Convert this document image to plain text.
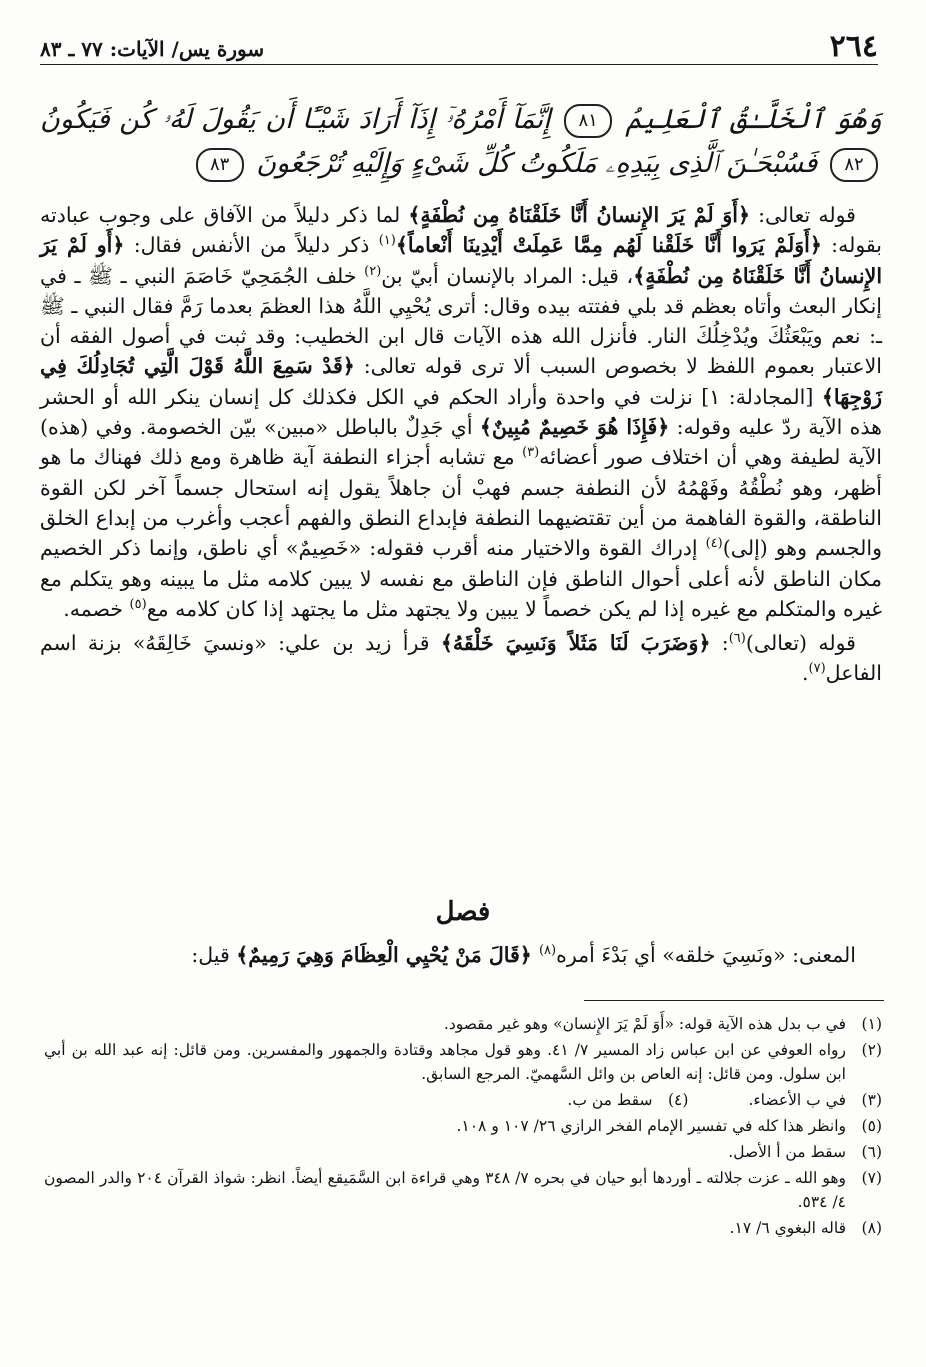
٢٦٤
سورة يس/ الآيات: ٧٧ ـ ٨٣
وَهُوَ ٱلْخَلَّـٰقُ ٱلْعَلِيمُ ٨١ إِنَّمَآ أَمْرُهُۥٓ إِذَآ أَرَادَ شَيْـًٔا أَن يَقُولَ لَهُۥ كُن فَيَكُونُ ٨٢ فَسُبْحَـٰنَ ٱلَّذِى بِيَدِهِۦ مَلَكُوتُ كُلِّ شَىْءٍ وَإِلَيْهِ تُرْجَعُونَ ٨٣

قوله تعالى: ﴿أَوَ لَمْ يَرَ الإِنسانُ أَنَّا خَلَقْنَاهُ مِن نُطْفَةٍ﴾ لما ذكر دليلاً من الآفاق على وجوب عبادته بقوله: ﴿أَوَلَمْ يَرَوا أَنَّا خَلَقْنا لَهُم مِمَّا عَمِلَتْ أَيْدِينَا أَنْعاماً﴾$^{(١)}$ ذكر دليلاً من الأنفس فقال: ﴿أَو لَمْ يَرَ الإِنسانُ أَنَّا خَلَقْنَاهُ مِن نُطْفَةٍ﴾، قيل: المراد بالإنسان أبيّ بن$^{(٢)}$ خلف الجُمَحِيّ خَاصَمَ النبي ـ ﷺ ـ في إنكار البعث وأتاه بعظم قد بلي ففتته بيده وقال: أترى يُحْيِي اللَّهُ هذا العظمَ بعدما رَمَّ فقال النبي ـ ﷺ ـ: نعم ويَبْعَثُكَ ويُدْخِلُكَ النار. فأنزل الله هذه الآيات قال ابن الخطيب: وقد ثبت في أصول الفقه أن الاعتبار بعموم اللفظ لا بخصوص السبب ألا ترى قوله تعالى: ﴿قَدْ سَمِعَ اللَّهُ قَوْلَ الَّتِي تُجَادِلُكَ فِي زَوْجِهَا﴾ [المجادلة: ١] نزلت في واحدة وأراد الحكم في الكل فكذلك كل إنسان ينكر الله أو الحشر هذه الآية ردّ عليه وقوله: ﴿فَإِذَا هُوَ خَصِيمٌ مُبِينٌ﴾ أي جَدِلٌ بالباطل «مبين» بيّن الخصومة. وفي (هذه) الآية لطيفة وهي أن اختلاف صور أعضائه$^{(٣)}$ مع تشابه أجزاء النطفة آية ظاهرة ومع ذلك فهناك ما هو أظهر، وهو نُطْقُهُ وفَهْمُهُ لأن النطفة جسم فهبْ أن جاهلاً يقول إنه استحال جسماً آخر لكن القوة الناطقة، والقوة الفاهمة من أين تقتضيهما النطفة فإبداع النطق والفهم أعجب وأغرب من إبداع الخلق والجسم وهو (إلى)$^{(٤)}$ إدراك القوة والاختيار منه أقرب فقوله: «خَصِيمٌ» أي ناطق، وإنما ذكر الخصيم مكان الناطق لأنه أعلى أحوال الناطق فإن الناطق مع نفسه لا يبين كلامه مثل ما يبينه وهو يتكلم مع غيره والمتكلم مع غيره إذا لم يكن خصماً لا يبين ولا يجتهد مثل ما يجتهد إذا كان كلامه مع$^{(٥)}$ خصمه.

قوله (تعالى)$^{(٦)}$: ﴿وَضَرَبَ لَنَا مَثَلاً وَنَسِيَ خَلْقَهُ﴾ قرأ زيد بن علي: «ونسيَ خَالِقَهُ» بزنة اسم الفاعل$^{(٧)}$.

فصل
المعنى: «ونَسِيَ خلقه» أي بَدْءَ أمره$^{(٨)}$ ﴿قَالَ مَنْ يُحْيِي الْعِظَامَ وَهِيَ رَمِيمٌ﴾ قيل:
(١)
في ب بدل هذه الآية قوله: «أَوَ لَمْ يَرَ الإِنسان» وهو غير مقصود.
(٢)
رواه العوفي عن ابن عباس زاد المسير ٧/ ٤١. وهو قول مجاهد وقتادة والجمهور والمفسرين. ومن قائل: إنه عبد الله بن أبي ابن سلول. ومن قائل: إنه العاص بن وائل السَّهميّ. المرجع السابق.
(٣)
في ب الأعضاء.
(٤)
سقط من ب.
(٥)
وانظر هذا كله في تفسير الإمام الفخر الرازي ٢٦/ ١٠٧ و ١٠٨.
(٦)
سقط من أ الأصل.
(٧)
وهو الله ـ عزت جلالته ـ أوردها أبو حيان في بحره ٧/ ٣٤٨ وهي قراءة ابن السَّمَيقع أيضاً. انظر: شواذ القرآن ٢٠٤ والدر المصون ٤/ ٥٣٤.
(٨)
قاله البغوي ٦/ ١٧.
